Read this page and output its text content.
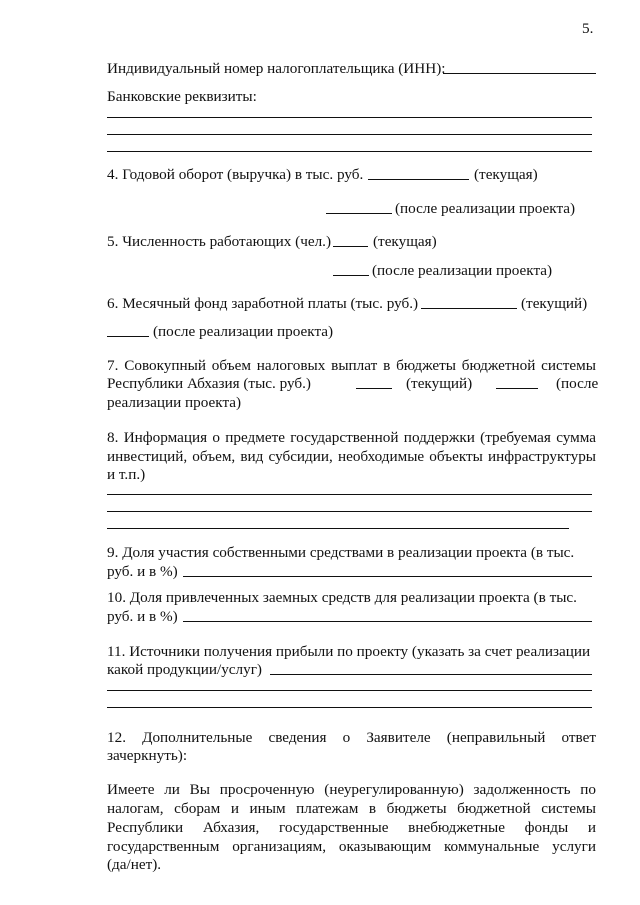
5.
Индивидуальный номер налогоплательщика (ИНН):
Банковские реквизиты:
4. Годовой оборот (выручка) в тыс. руб.	(текущая)
(после реализации проекта)
5. Численность работающих (чел.)	(текущая)
(после реализации проекта)
6. Месячный фонд заработной платы (тыс. руб.)	(текущий)
(после реализации проекта)
7. Совокупный объем налоговых выплат в бюджеты бюджетной системы
Республики Абхазия (тыс. руб.)	(текущий)	(после
реализации проекта)
8. Информация о предмете государственной поддержки (требуемая сумма
инвестиций, объем, вид субсидии, необходимые объекты инфраструктуры
и т.п.)
9. Доля участия собственными средствами в реализации проекта (в тыс.
руб. и в %)
10. Доля привлеченных заемных средств для реализации проекта (в тыс.
руб. и в %)
11. Источники получения прибыли по проекту (указать за счет реализации
какой продукции/услуг)
12. Дополнительные сведения о Заявителе (неправильный ответ
зачеркнуть):
Имеете ли Вы просроченную (неурегулированную) задолженность по
налогам, сборам и иным платежам в бюджеты бюджетной системы
Республики Абхазия, государственные внебюджетные фонды и
государственным организациям, оказывающим коммунальные услуги
(да/нет).
